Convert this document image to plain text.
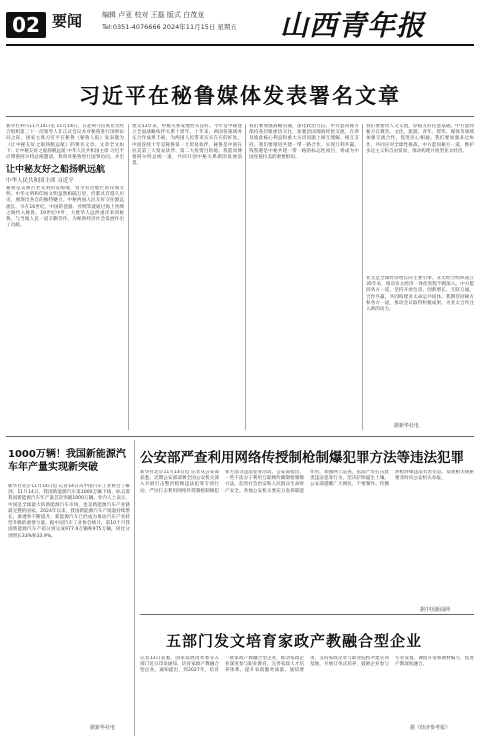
02 要闻	编辑 卢亚 校对 王磊 版式 白茂龙
Tel:0351-4076666 2024年11月15日 星期五 山西青年报
习近平在秘鲁媒体发表署名文章
新华社利马11月14日电 11月14日，在赴利马出席亚太经合组织第三十一次领导人非正式会议并对秘鲁进行国事访问之际，国家主席习近平在秘鲁《秘鲁人报》发表题为《让中秘友好之船扬帆远航》的署名文章。文章全文如下：让中秘友好之船扬帆远航 中华人民共和国主席 习近平 应博鲁阿尔特总统邀请，我将对秘鲁进行国事访问，并出
让中秘友好之船扬帆远航
中华人民共和国主席 习近平
秘鲁是美洲古老文明的发源地，曾孕育出灿烂的印加文明。中华文明和印加文明虽然相隔万里，但都具有悠久历史，展现出各自的独特魅力。中秘两国人民友好交往源远流长。早在16世纪，中国的瓷器、丝绸等就通过海上丝绸之路传入秘鲁。19世纪中叶，大批华人远涉重洋来到秘鲁，与当地人民一道辛勤劳作，为秘鲁经济社会发展作出了贡献。
建交53年来，中秘关系发展势头良好。今年是中秘建立全面战略伙伴关系十周年。十年来，两国各领域务实合作成果丰硕，为两国人民带来实实在在的好处。中国连续十年是秘鲁第一大贸易伙伴，秘鲁是中国在拉美第三大贸易伙伴、第二大投资目的地。我愿同博鲁阿尔特总统一道，共同开创中秘关系新的发展前景。
我们要加强战略沟通，深化政治互信。中方愿同秘方保持各层级密切交往，加强治国理政经验交流，在涉及彼此核心利益和重大关切问题上相互理解、相互支持。我们要推进共建一带一路合作，实现互利共赢。钱凯港是中秘共建一带一路的标志性项目，将成为中国连接拉美的重要枢纽。
我们要密切人文交流，厚植友好民意基础。中方愿同秘方在教育、文化、旅游、青年、智库、媒体等领域加强交流合作，促进民心相通。我们要加强多边协作，共同应对全球性挑战。中方愿同秘方一道，维护多边主义和自由贸易，推动构建开放型亚太经济。
亚太是全球经济增长的主要引擎。亚太经合组织成立35年来，推动亚太经济一体化进程不断深入。中方愿同各方一道，坚持开放包容、创新增长、互联互通、合作共赢，共同构建亚太命运共同体。我期待同秘方和各方一道，推动会议取得积极成果，为亚太合作注入新的动力。
据新华社电
1000万辆！我国新能源汽车年产量实现新突破
新华社北京11月14日电 记者14日从中国汽车工业协会了解到，11月14日，我国新能源汽车第1000万辆下线，标志着我国新能源汽车年产量首次突破1000万辆。业内人士表示，中国是全球最大的新能源汽车市场，也是新能源汽车产业链最完整的国家。2024年以来，我国新能源汽车产销量持续增长，渗透率不断提升，新能源汽车已经成为推动汽车产业转型升级的重要力量。据中国汽车工业协会统计，前10个月我国新能源汽车产销分别完成977.9万辆和975万辆，同比分别增长33%和33.9%。
据新华社电
公安部严查利用网络传授制枪制爆犯罪方法等违法犯罪
新华社北京11月14日电 记者从公安部获悉，近期公安部部署全国公安机关深入开展打击整治枪爆违法犯罪专项行动，严厉打击利用网络传授制枪制爆犯罪方法等违法犯罪活动。公安部指出，一些不法分子利用互联网传播制枪制爆方法，危害社会治安和人民群众生命财产安全。各地公安机关要充分发挥职能作用，加强网上巡查，依法严厉打击此类违法犯罪行为，坚决铲除滋生土壤。公安部提醒广大网民，不要制作、传播涉枪涉爆违法有害信息，发现相关线索要及时向公安机关举报。
据中国新闻网
五部门发文培育家政产教融合型企业
记者13日获悉，国家发展改革委等五部门近日印发通知，培育家政产教融合型企业。通知提出，到2027年，培育一批家政产教融合型企业，推动家政企业深度参与职业教育，完善家政人才培养体系，提升家政服务质量。通知要求，支持家政企业与职业院校共建实训基地，开展订单式培养，鼓励企业参与专业设置、课程开发和教材编写，促进产教深度融合。
据《经济参考报》
